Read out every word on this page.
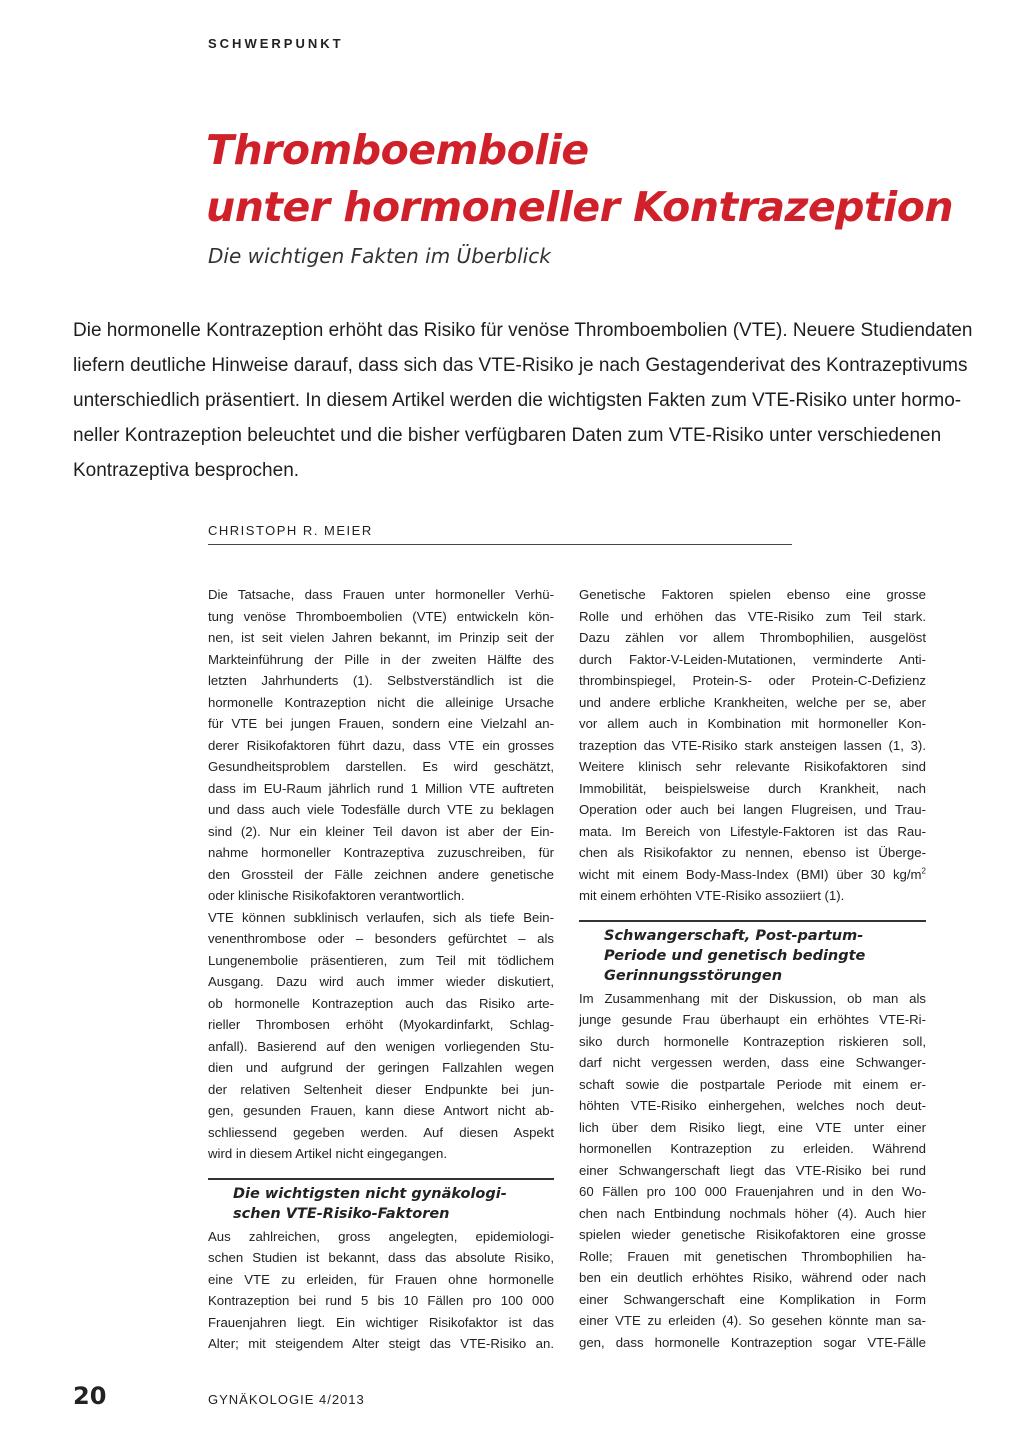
SCHWERPUNKT
Thromboembolie
unter hormoneller Kontrazeption
Die wichtigen Fakten im Überblick
Die hormonelle Kontrazeption erhöht das Risiko für venöse Thromboembolien (VTE). Neuere Studiendaten
liefern deutliche Hinweise darauf, dass sich das VTE-Risiko je nach Gestagenderivat des Kontrazeptivums
unterschiedlich präsentiert. In diesem Artikel werden die wichtigsten Fakten zum VTE-Risiko unter hormo-
neller Kontrazeption beleuchtet und die bisher verfügbaren Daten zum VTE-Risiko unter verschiedenen
Kontrazeptiva besprochen.
CHRISTOPH R. MEIER

Die Tatsache, dass Frauen unter hormoneller Verhü-
tung venöse Thromboembolien (VTE) entwickeln kön-
nen, ist seit vielen Jahren bekannt, im Prinzip seit der
Markteinführung der Pille in der zweiten Hälfte des
letzten Jahrhunderts (1). Selbstverständlich ist die
hormonelle Kontrazeption nicht die alleinige Ursache
für VTE bei jungen Frauen, sondern eine Vielzahl an-
derer Risikofaktoren führt dazu, dass VTE ein grosses
Gesundheitsproblem darstellen. Es wird geschätzt,
dass im EU-Raum jährlich rund 1 Million VTE auftreten
und dass auch viele Todesfälle durch VTE zu beklagen
sind (2). Nur ein kleiner Teil davon ist aber der Ein-
nahme hormoneller Kontrazeptiva zuzuschreiben, für
den Grossteil der Fälle zeichnen andere genetische
oder klinische Risikofaktoren verantwortlich.

VTE können subklinisch verlaufen, sich als tiefe Bein-
venenthrombose oder – besonders gefürchtet – als
Lungenembolie präsentieren, zum Teil mit tödlichem
Ausgang. Dazu wird auch immer wieder diskutiert,
ob hormonelle Kontrazeption auch das Risiko arte-
rieller Thrombosen erhöht (Myokardinfarkt, Schlag-
anfall). Basierend auf den wenigen vorliegenden Stu-
dien und aufgrund der geringen Fallzahlen wegen
der relativen Seltenheit dieser Endpunkte bei jun-
gen, gesunden Frauen, kann diese Antwort nicht ab-
schliessend gegeben werden. Auf diesen Aspekt
wird in diesem Artikel nicht eingegangen.

Die wichtigsten nicht gynäkologi-
schen VTE-Risiko-Faktoren

Aus zahlreichen, gross angelegten, epidemiologi-
schen Studien ist bekannt, dass das absolute Risiko,
eine VTE zu erleiden, für Frauen ohne hormonelle
Kontrazeption bei rund 5 bis 10 Fällen pro 100 000
Frauenjahren liegt. Ein wichtiger Risikofaktor ist das
Alter; mit steigendem Alter steigt das VTE-Risiko an.

Genetische Faktoren spielen ebenso eine grosse
Rolle und erhöhen das VTE-Risiko zum Teil stark.
Dazu zählen vor allem Thrombophilien, ausgelöst
durch Faktor-V-Leiden-Mutationen, verminderte Anti-
thrombinspiegel, Protein-S- oder Protein-C-Defizienz
und andere erbliche Krankheiten, welche per se, aber
vor allem auch in Kombination mit hormoneller Kon-
trazeption das VTE-Risiko stark ansteigen lassen (1, 3).
Weitere klinisch sehr relevante Risikofaktoren sind
Immobilität, beispielsweise durch Krankheit, nach
Operation oder auch bei langen Flugreisen, und Trau-
mata. Im Bereich von Lifestyle-Faktoren ist das Rau-
chen als Risikofaktor zu nennen, ebenso ist Überge-
wicht mit einem Body-Mass-Index (BMI) über 30 $kg/m^2$
mit einem erhöhten VTE-Risiko assoziiert (1).

Schwangerschaft, Post-partum-
Periode und genetisch bedingte
Gerinnungsstörungen

Im Zusammenhang mit der Diskussion, ob man als
junge gesunde Frau überhaupt ein erhöhtes VTE-Ri-
siko durch hormonelle Kontrazeption riskieren soll,
darf nicht vergessen werden, dass eine Schwanger-
schaft sowie die postpartale Periode mit einem er-
höhten VTE-Risiko einhergehen, welches noch deut-
lich über dem Risiko liegt, eine VTE unter einer
hormonellen Kontrazeption zu erleiden. Während
einer Schwangerschaft liegt das VTE-Risiko bei rund
60 Fällen pro 100 000 Frauenjahren und in den Wo-
chen nach Entbindung nochmals höher (4). Auch hier
spielen wieder genetische Risikofaktoren eine grosse
Rolle; Frauen mit genetischen Thrombophilien ha-
ben ein deutlich erhöhtes Risiko, während oder nach
einer Schwangerschaft eine Komplikation in Form
einer VTE zu erleiden (4). So gesehen könnte man sa-
gen, dass hormonelle Kontrazeption sogar VTE-Fälle

20	GYNÄKOLOGIE 4/2013
